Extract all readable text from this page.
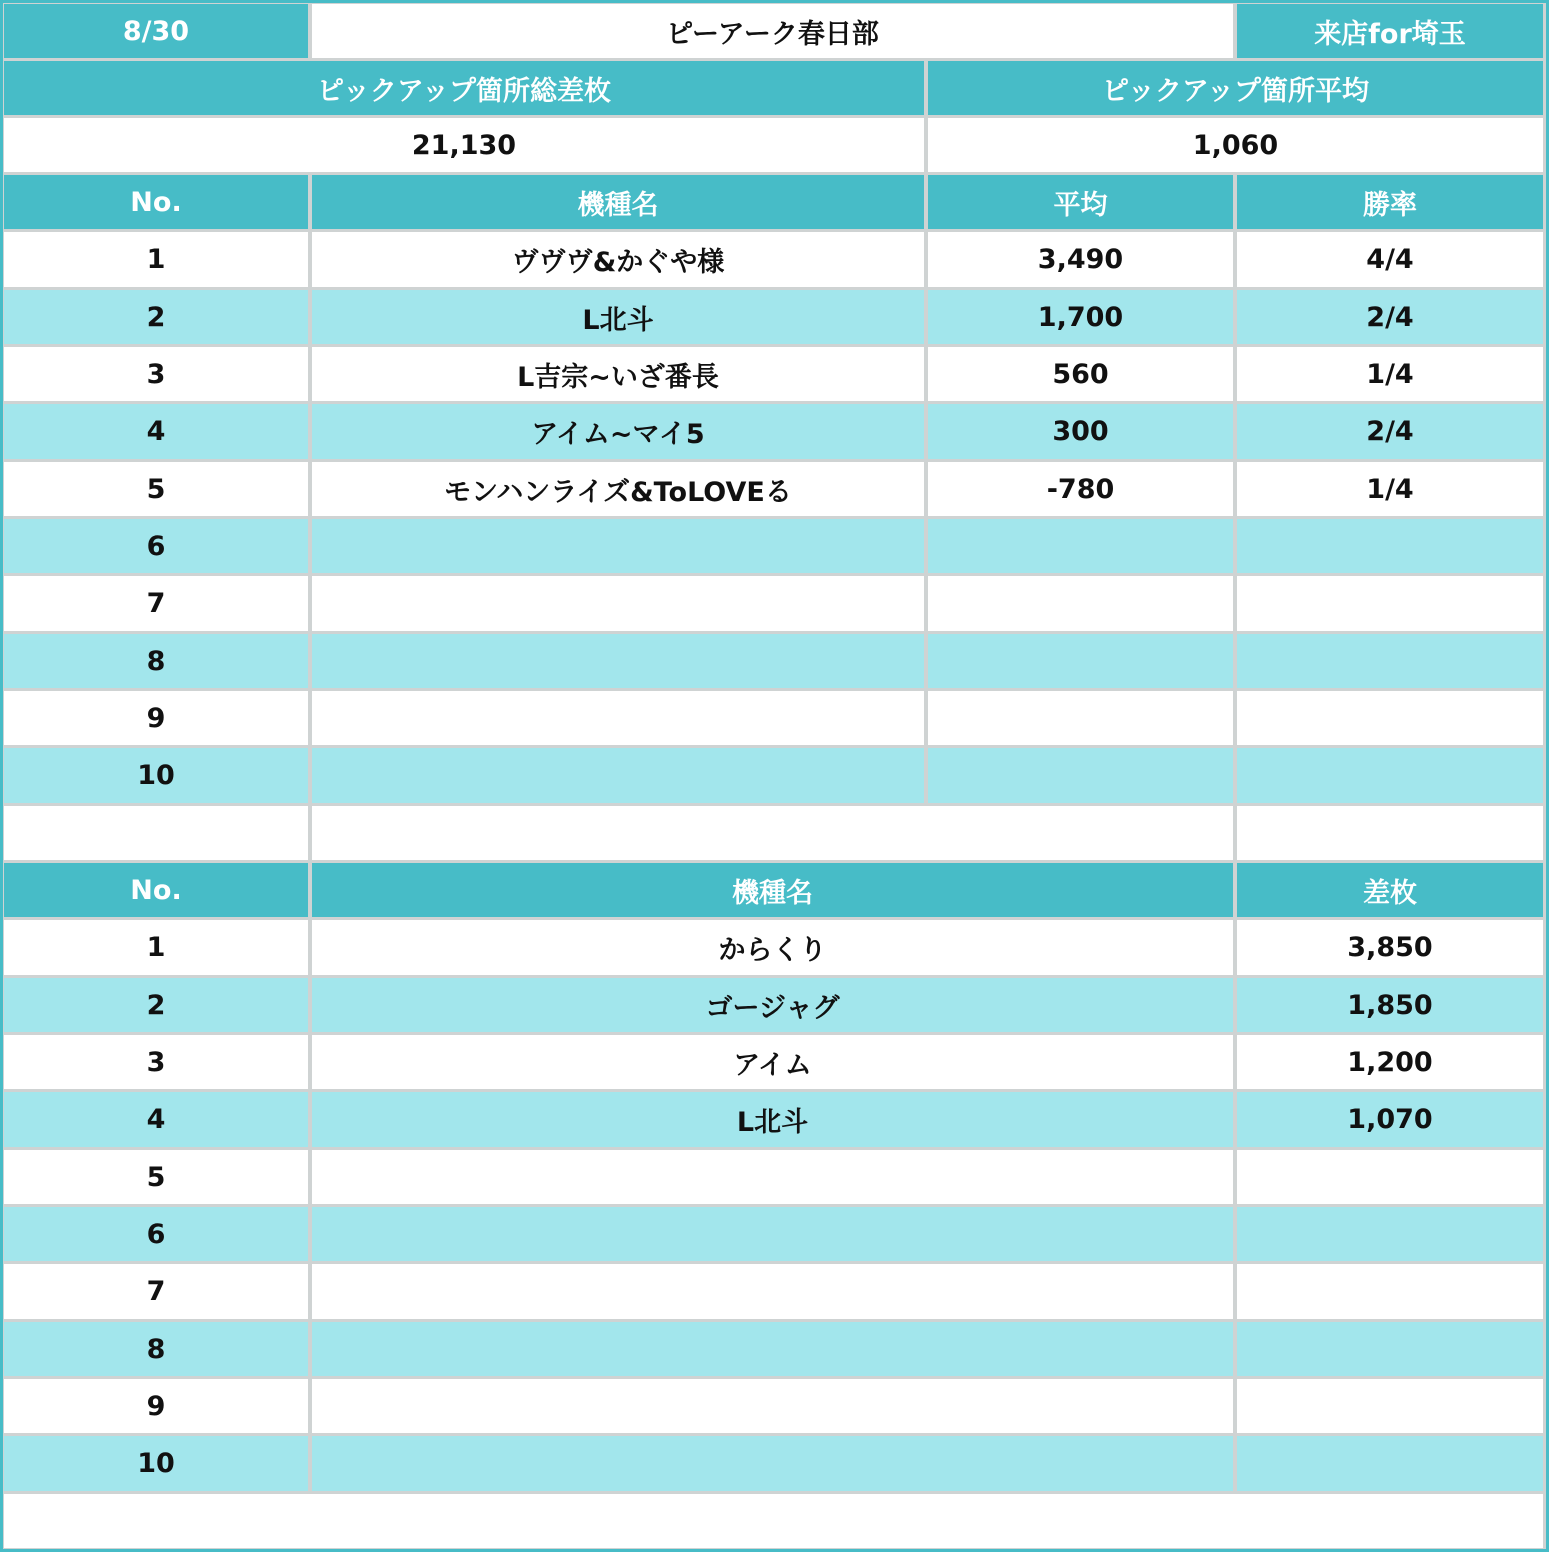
8/30	ピーアーク春日部	来店for埼玉
ピックアップ箇所総差枚	ピックアップ箇所平均
21,130	1,060
No.	機種名	平均	勝率
1	ヴヴヴ&かぐや様	3,490	4/4
2	L北斗	1,700	2/4
3	L吉宗~いざ番長	560	1/4
4	アイム~マイ5	300	2/4
5	モンハンライズ&ToLOVEる	-780	1/4
6
7
8
9
10
No.	機種名	差枚
1	からくり	3,850
2	ゴージャグ	1,850
3	アイム	1,200
4	L北斗	1,070
5
6
7
8
9
10
